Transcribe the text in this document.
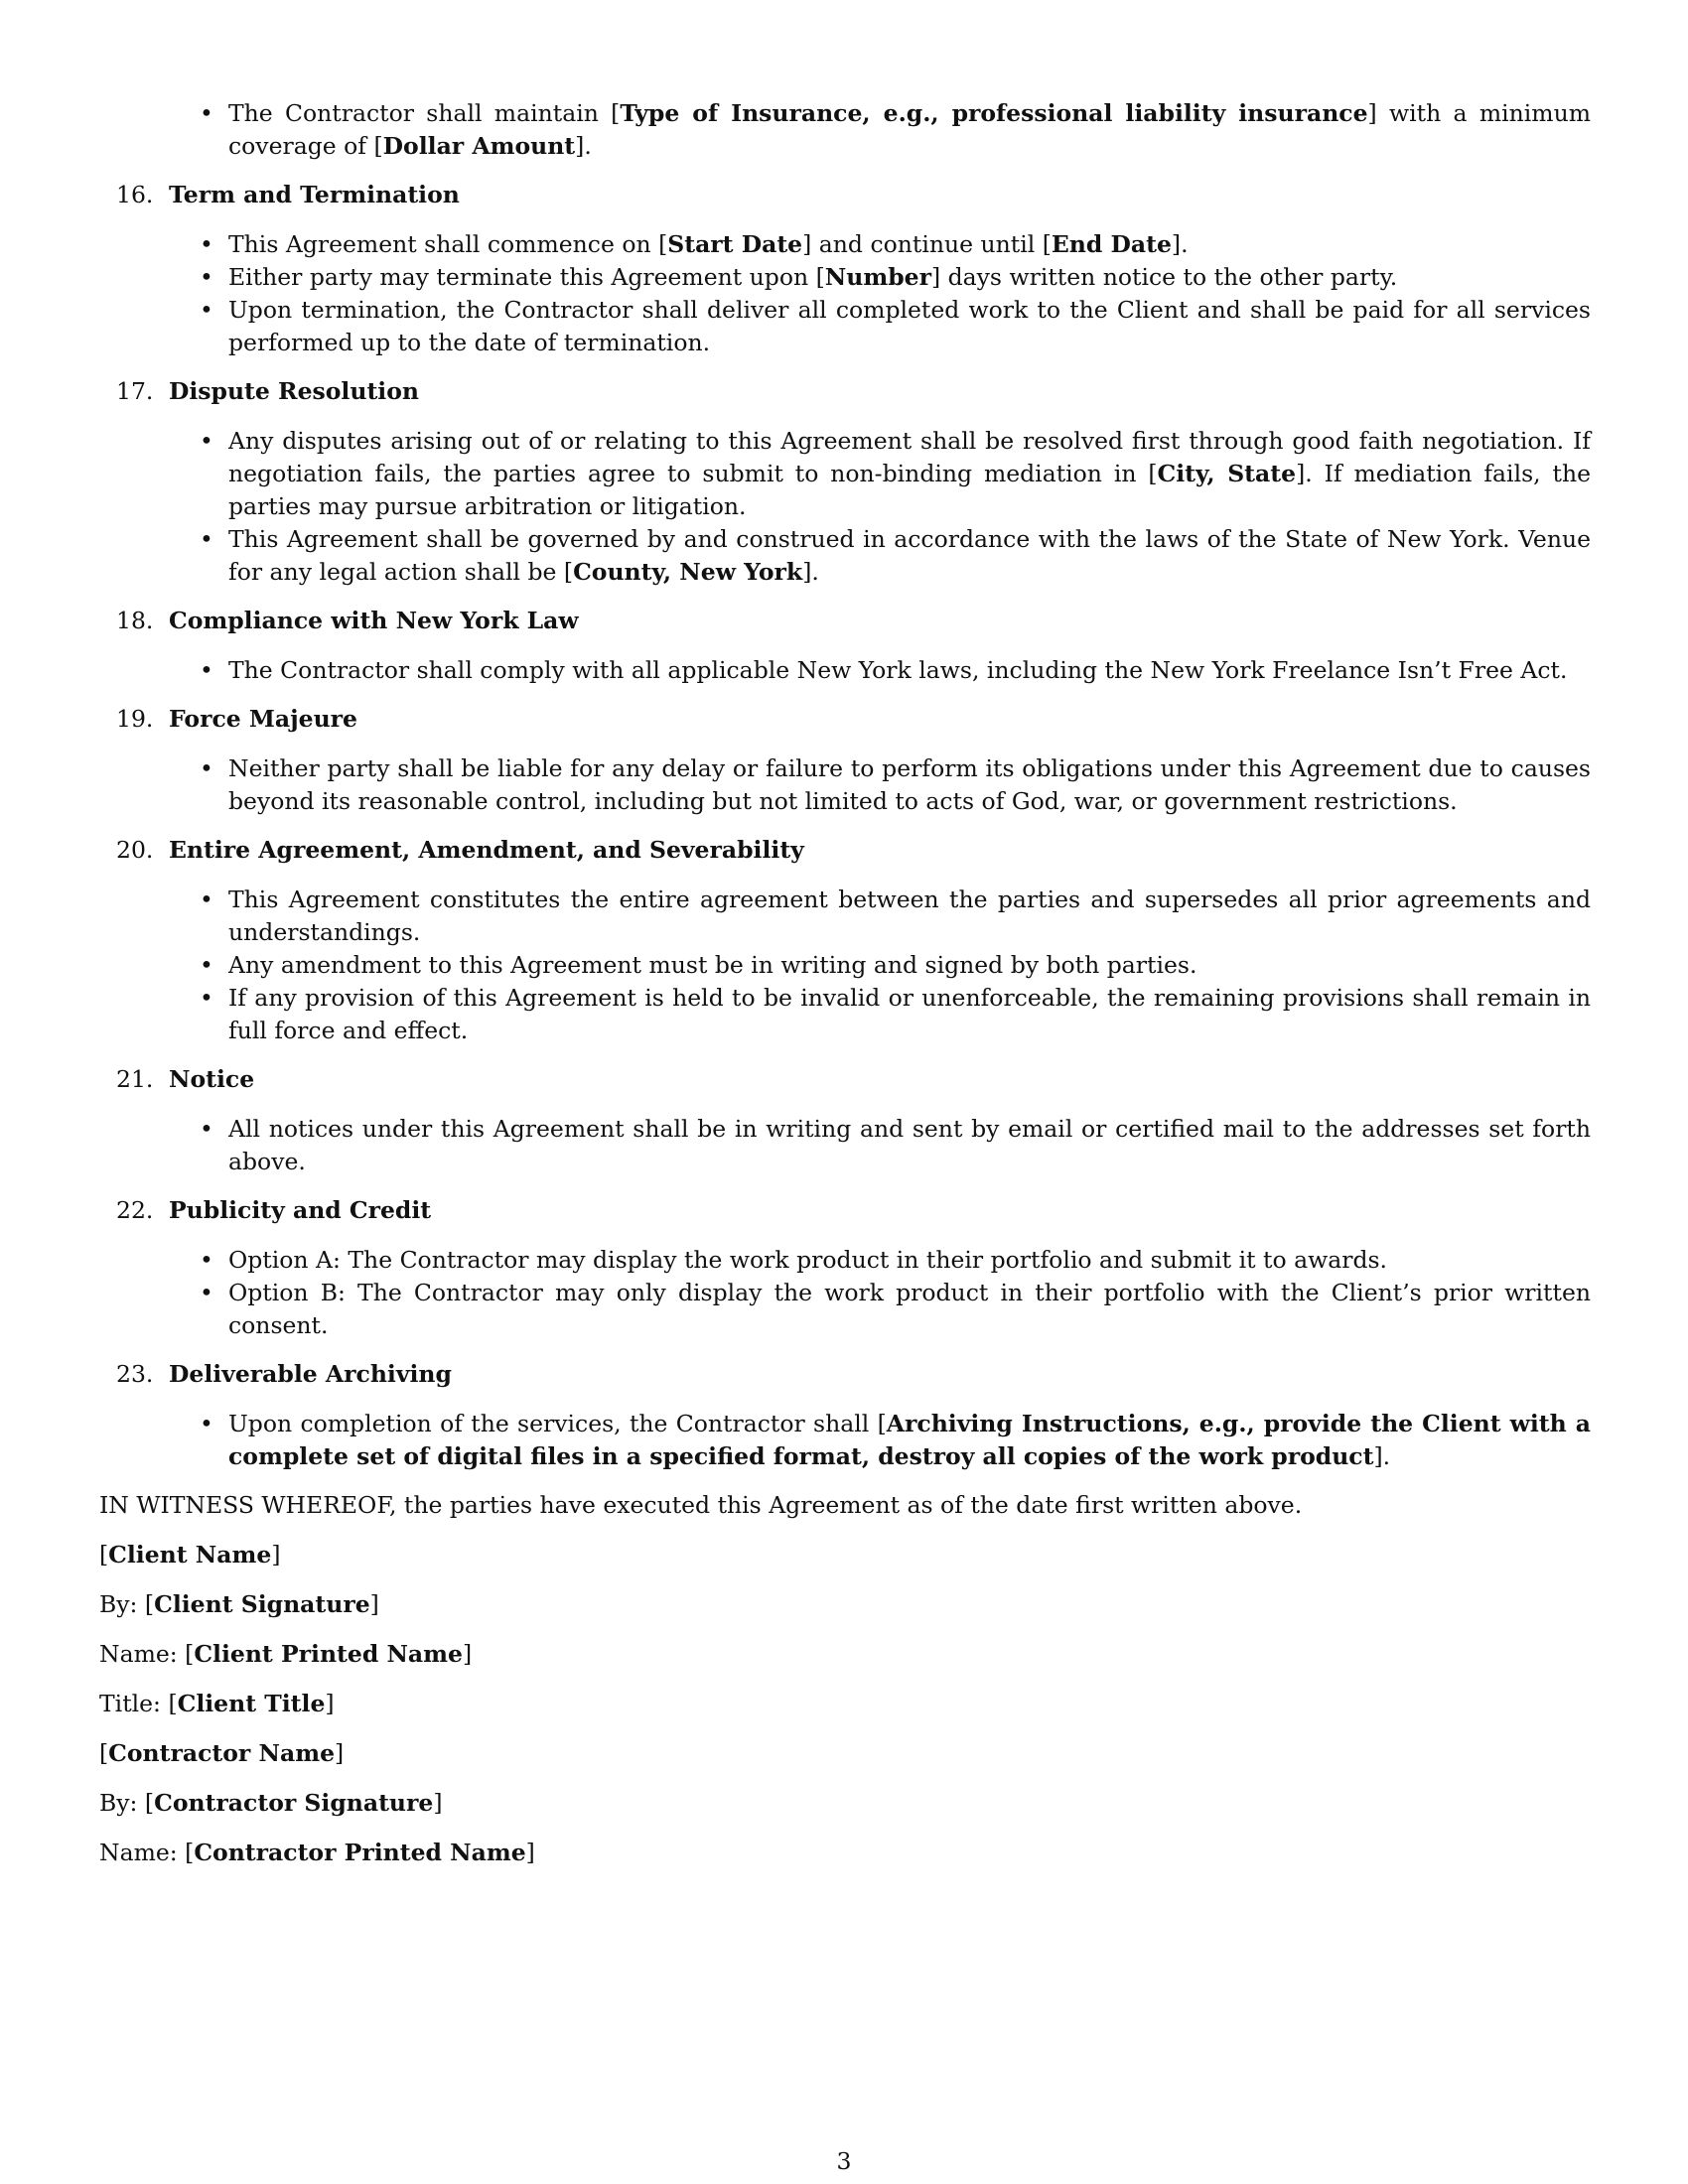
• The Contractor shall maintain [Type of Insurance, e.g., professional liability insurance] with a minimum coverage of [Dollar Amount].
16. Term and Termination
• This Agreement shall commence on [Start Date] and continue until [End Date].
• Either party may terminate this Agreement upon [Number] days written notice to the other party.
• Upon termination, the Contractor shall deliver all completed work to the Client and shall be paid for all services performed up to the date of termination.
17. Dispute Resolution
• Any disputes arising out of or relating to this Agreement shall be resolved first through good faith negotiation. If negotiation fails, the parties agree to submit to non-binding mediation in [City, State]. If mediation fails, the parties may pursue arbitration or litigation.
• This Agreement shall be governed by and construed in accordance with the laws of the State of New York. Venue for any legal action shall be [County, New York].
18. Compliance with New York Law
• The Contractor shall comply with all applicable New York laws, including the New York Freelance Isn’t Free Act.
19. Force Majeure
• Neither party shall be liable for any delay or failure to perform its obligations under this Agreement due to causes beyond its reasonable control, including but not limited to acts of God, war, or government restrictions.
20. Entire Agreement, Amendment, and Severability
• This Agreement constitutes the entire agreement between the parties and supersedes all prior agreements and understandings.
• Any amendment to this Agreement must be in writing and signed by both parties.
• If any provision of this Agreement is held to be invalid or unenforceable, the remaining provisions shall remain in full force and effect.
21. Notice
• All notices under this Agreement shall be in writing and sent by email or certified mail to the addresses set forth above.
22. Publicity and Credit
• Option A: The Contractor may display the work product in their portfolio and submit it to awards.
• Option B: The Contractor may only display the work product in their portfolio with the Client’s prior written consent.
23. Deliverable Archiving
• Upon completion of the services, the Contractor shall [Archiving Instructions, e.g., provide the Client with a complete set of digital files in a specified format, destroy all copies of the work product].
IN WITNESS WHEREOF, the parties have executed this Agreement as of the date first written above.
[Client Name]
By: [Client Signature]
Name: [Client Printed Name]
Title: [Client Title]
[Contractor Name]
By: [Contractor Signature]
Name: [Contractor Printed Name]
3
